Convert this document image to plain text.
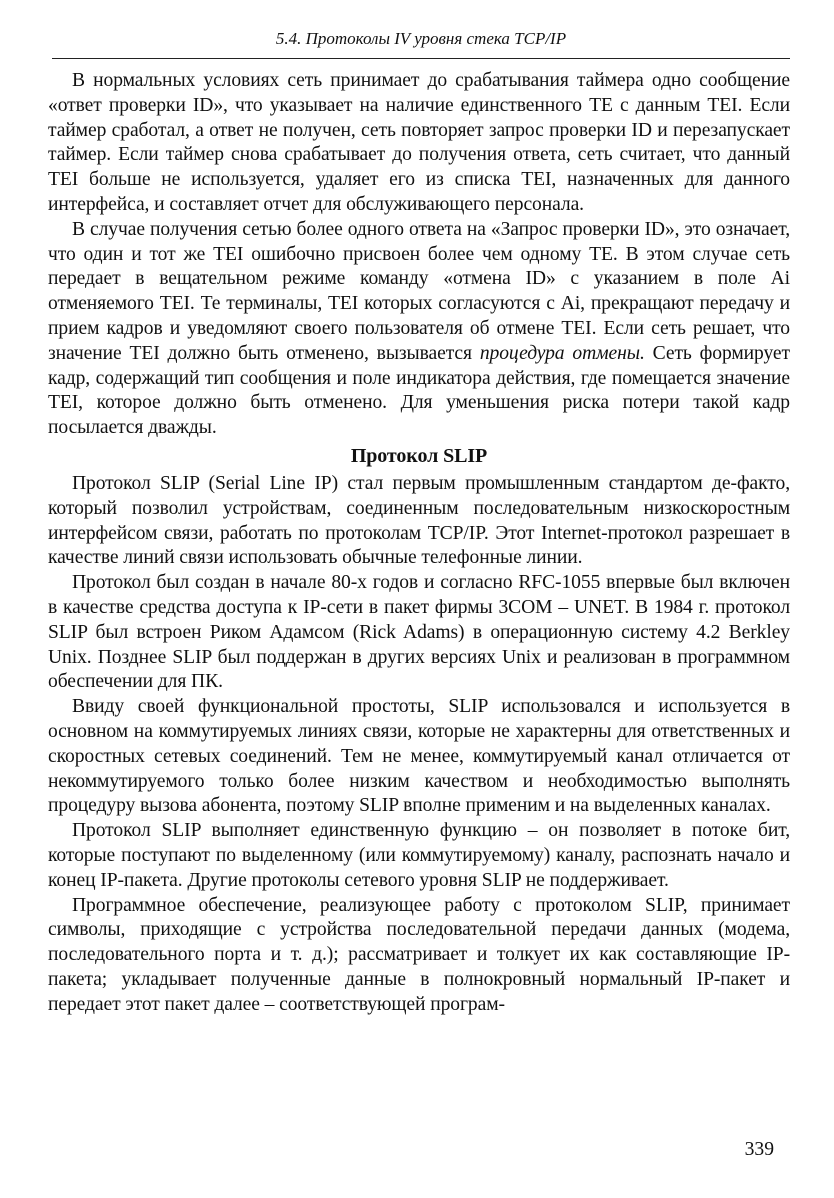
5.4. Протоколы IV уровня стека TCP/IP

В нормальных условиях сеть принимает до срабатывания таймера одно сообщение «ответ проверки ID», что указывает на наличие единственного ТЕ с данным TEI. Если таймер сработал, а ответ не получен, сеть повторяет запрос проверки ID и перезапускает таймер. Если таймер снова срабатывает до получения ответа, сеть считает, что данный TEI больше не используется, удаляет его из списка TEI, назначенных для данного интерфейса, и составляет отчет для обслуживающего персонала.

В случае получения сетью более одного ответа на «Запрос проверки ID», это означает, что один и тот же TEI ошибочно присвоен более чем одному ТЕ. В этом случае сеть передает в вещательном режиме команду «отмена ID» с указанием в поле Ai отменяемого TEI. Те терминалы, TEI которых согласуются с Ai, прекращают передачу и прием кадров и уведомляют своего пользователя об отмене TEI. Если сеть решает, что значение TEI должно быть отменено, вызывается процедура отмены. Сеть формирует кадр, содержащий тип сообщения и поле индикатора действия, где помещается значение TEI, которое должно быть отменено. Для уменьшения риска потери такой кадр посылается дважды.

Протокол SLIP

Протокол SLIP (Serial Line IP) стал первым промышленным стандартом де-факто, который позволил устройствам, соединенным последовательным низкоскоростным интерфейсом связи, работать по протоколам TCP/IP. Этот Internet-протокол разрешает в качестве линий связи использовать обычные телефонные линии.

Протокол был создан в начале 80-х годов и согласно RFC-1055 впервые был включен в качестве средства доступа к IP-сети в пакет фирмы 3COM – UNET. В 1984 г. протокол SLIP был встроен Риком Адамсом (Rick Adams) в операционную систему 4.2 Berkley Unix. Позднее SLIP был поддержан в других версиях Unix и реализован в программном обеспечении для ПК.

Ввиду своей функциональной простоты, SLIP использовался и используется в основном на коммутируемых линиях связи, которые не характерны для ответственных и скоростных сетевых соединений. Тем не менее, коммутируемый канал отличается от некоммутируемого только более низким качеством и необходимостью выполнять процедуру вызова абонента, поэтому SLIP вполне применим и на выделенных каналах.

Протокол SLIP выполняет единственную функцию – он позволяет в потоке бит, которые поступают по выделенному (или коммутируемому) каналу, распознать начало и конец IP-пакета. Другие протоколы сетевого уровня SLIP не поддерживает.

Программное обеспечение, реализующее работу с протоколом SLIP, принимает символы, приходящие с устройства последовательной передачи данных (модема, последовательного порта и т. д.); рассматривает и толкует их как составляющие IP-пакета; укладывает полученные данные в полнокровный нормальный IP-пакет и передает этот пакет далее – соответствующей програм-

339
